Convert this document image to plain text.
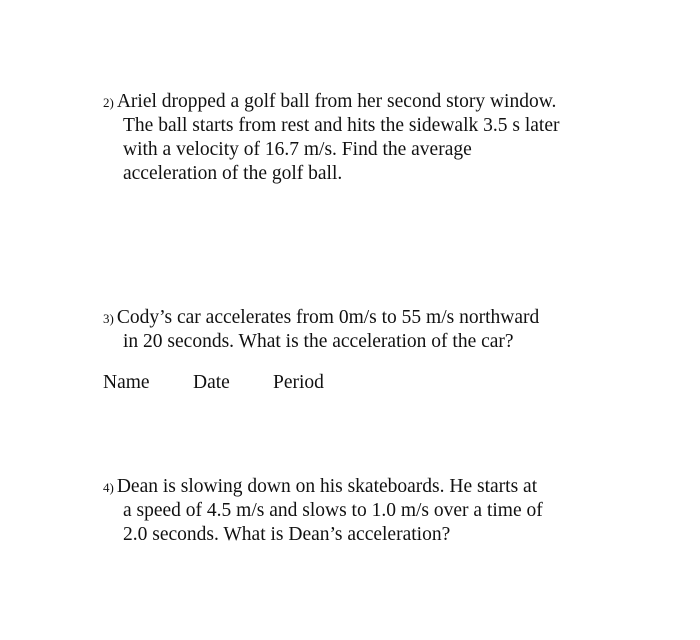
2) Ariel dropped a golf ball from her second story window.
The ball starts from rest and hits the sidewalk 3.5 s later
with a velocity of 16.7 m/s. Find the average
acceleration of the golf ball.
3) Cody’s car accelerates from 0m/s to 55 m/s northward
in 20 seconds. What is the acceleration of the car?
Name Date Period
4) Dean is slowing down on his skateboards. He starts at
a speed of 4.5 m/s and slows to 1.0 m/s over a time of
2.0 seconds. What is Dean’s acceleration?
